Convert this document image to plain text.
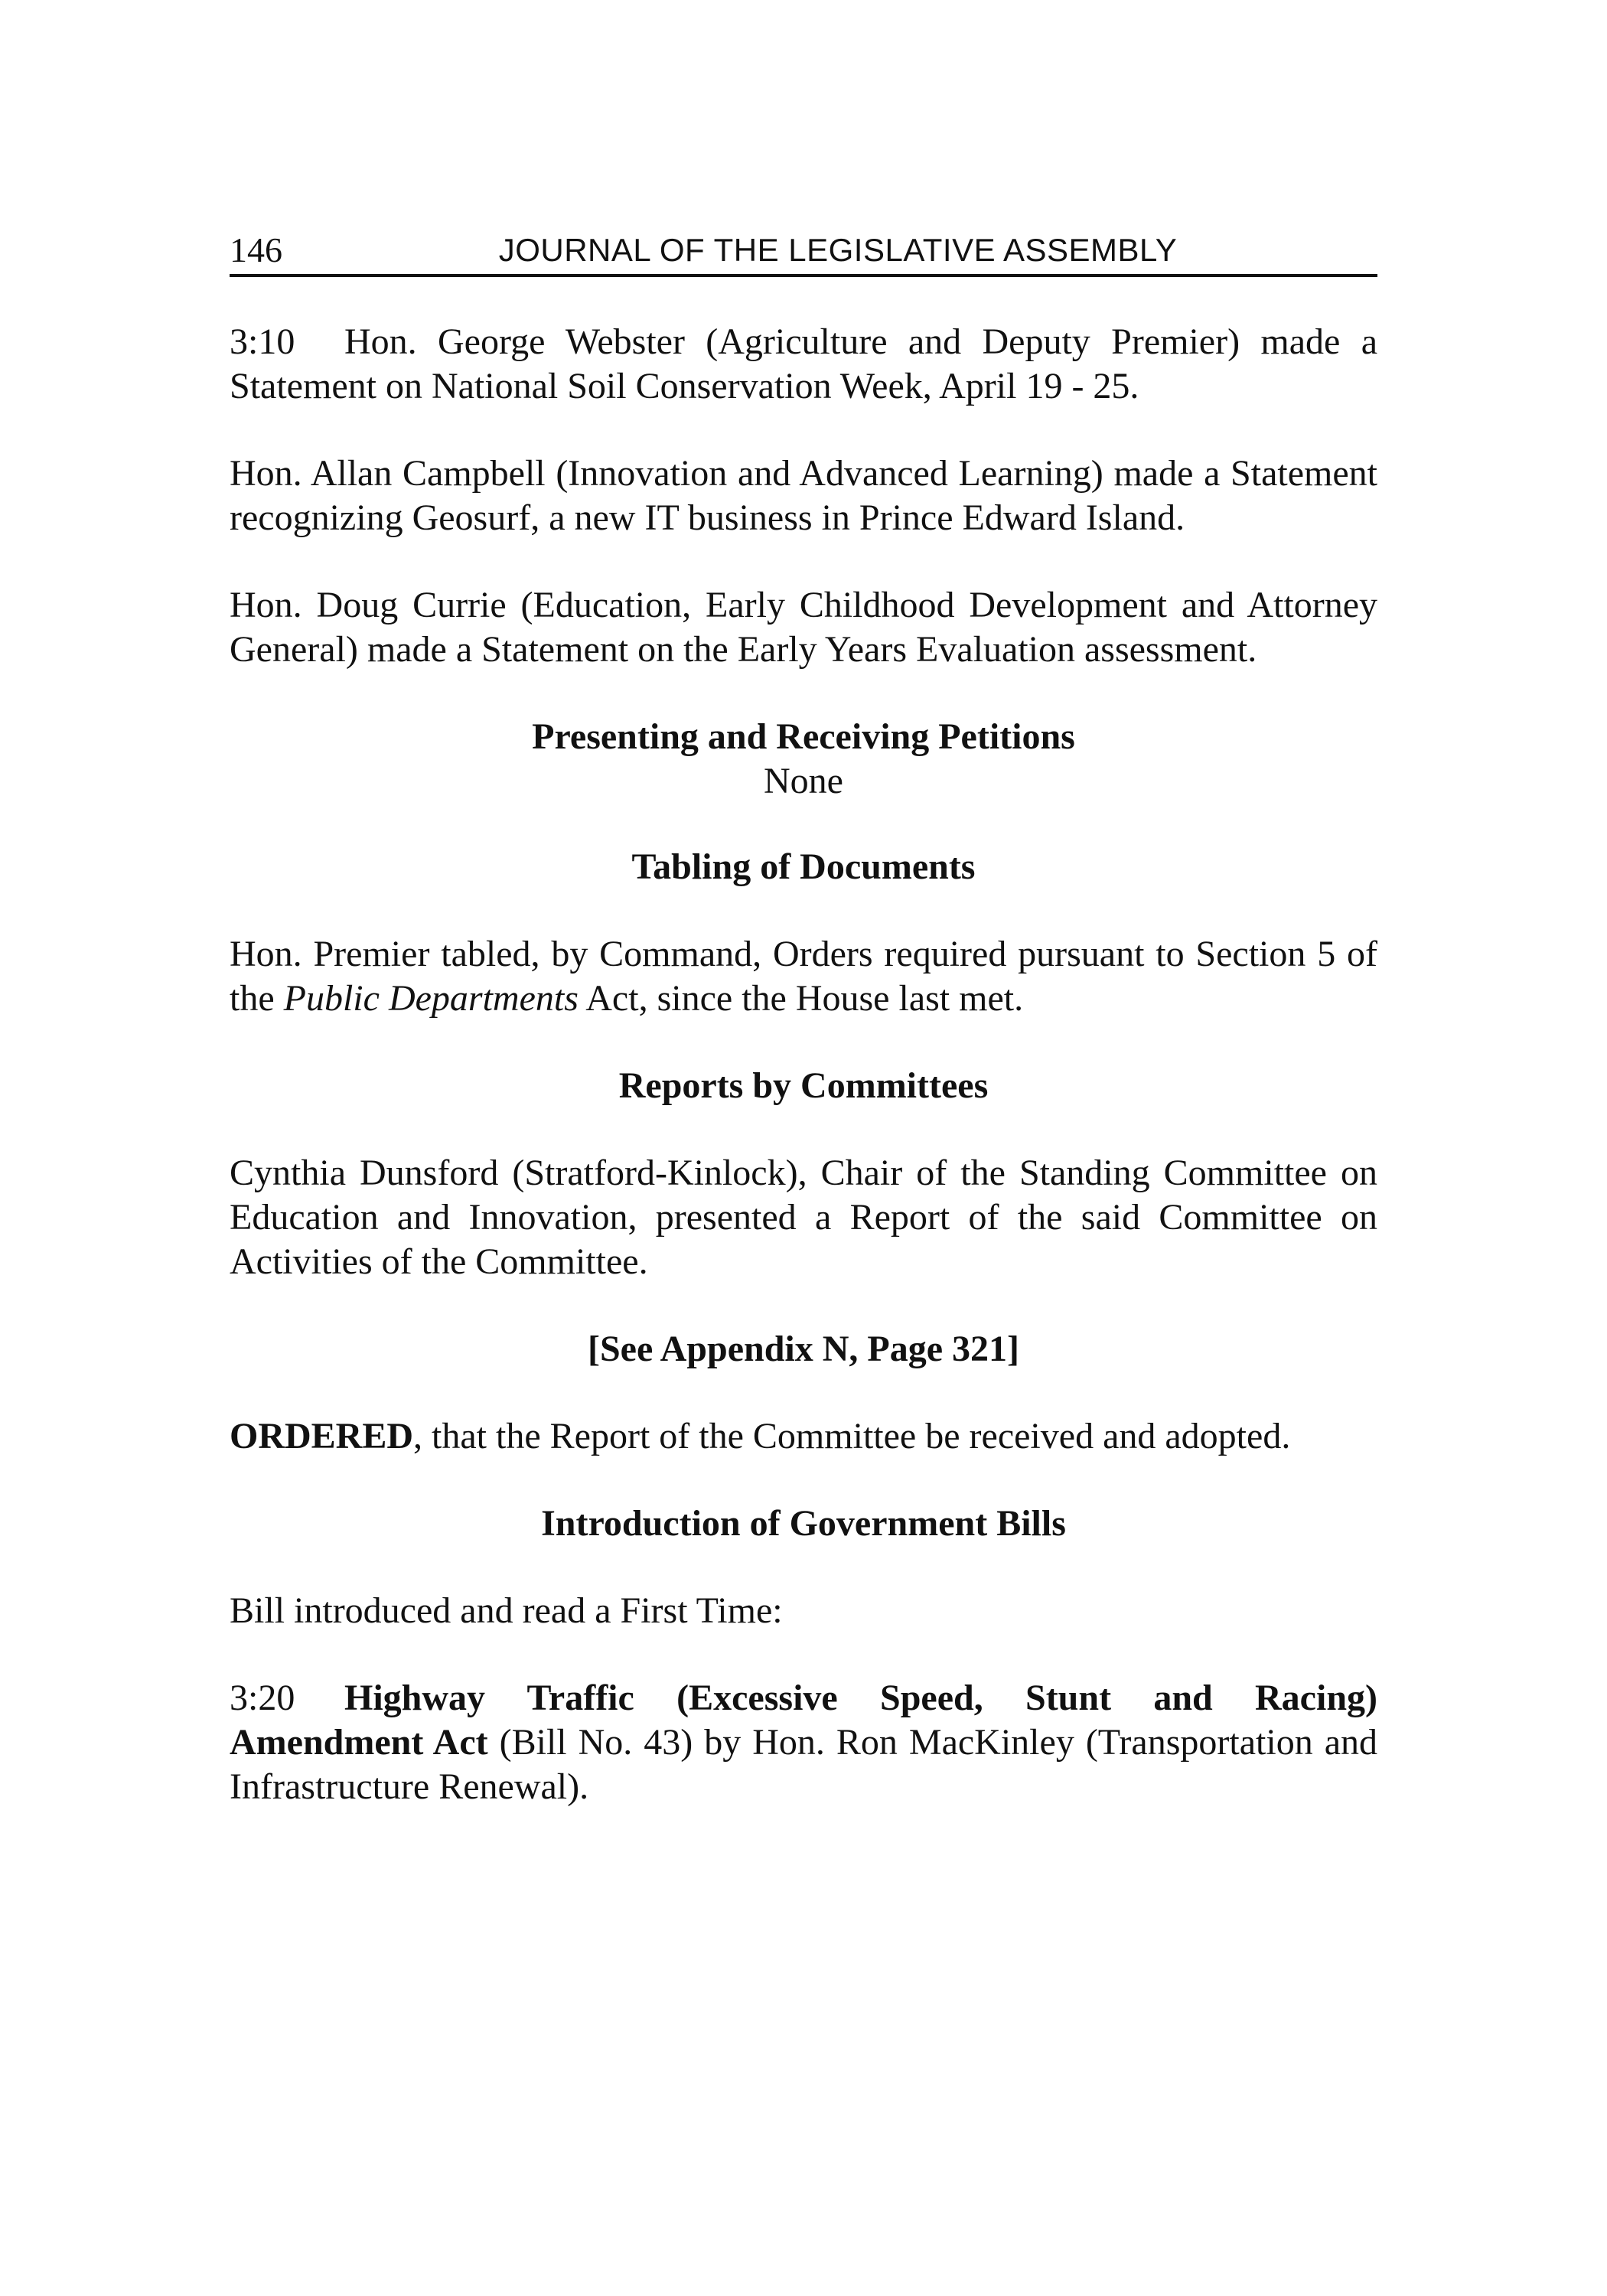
146	JOURNAL OF THE LEGISLATIVE ASSEMBLY

3:10 Hon. George Webster (Agriculture and Deputy Premier) made a Statement on National Soil Conservation Week, April 19 - 25.

Hon. Allan Campbell (Innovation and Advanced Learning) made a Statement recognizing Geosurf, a new IT business in Prince Edward Island.

Hon. Doug Currie (Education, Early Childhood Development and Attorney General) made a Statement on the Early Years Evaluation assessment.

Presenting and Receiving Petitions

None

Tabling of Documents

Hon. Premier tabled, by Command, Orders required pursuant to Section 5 of the Public Departments Act, since the House last met.

Reports by Committees

Cynthia Dunsford (Stratford-Kinlock), Chair of the Standing Committee on Education and Innovation, presented a Report of the said Committee on Activities of the Committee.

[See Appendix N, Page 321]

ORDERED, that the Report of the Committee be received and adopted.

Introduction of Government Bills

Bill introduced and read a First Time:

3:20 Highway Traffic (Excessive Speed, Stunt and Racing) Amendment Act (Bill No. 43) by Hon. Ron MacKinley (Transportation and Infrastructure Renewal).
